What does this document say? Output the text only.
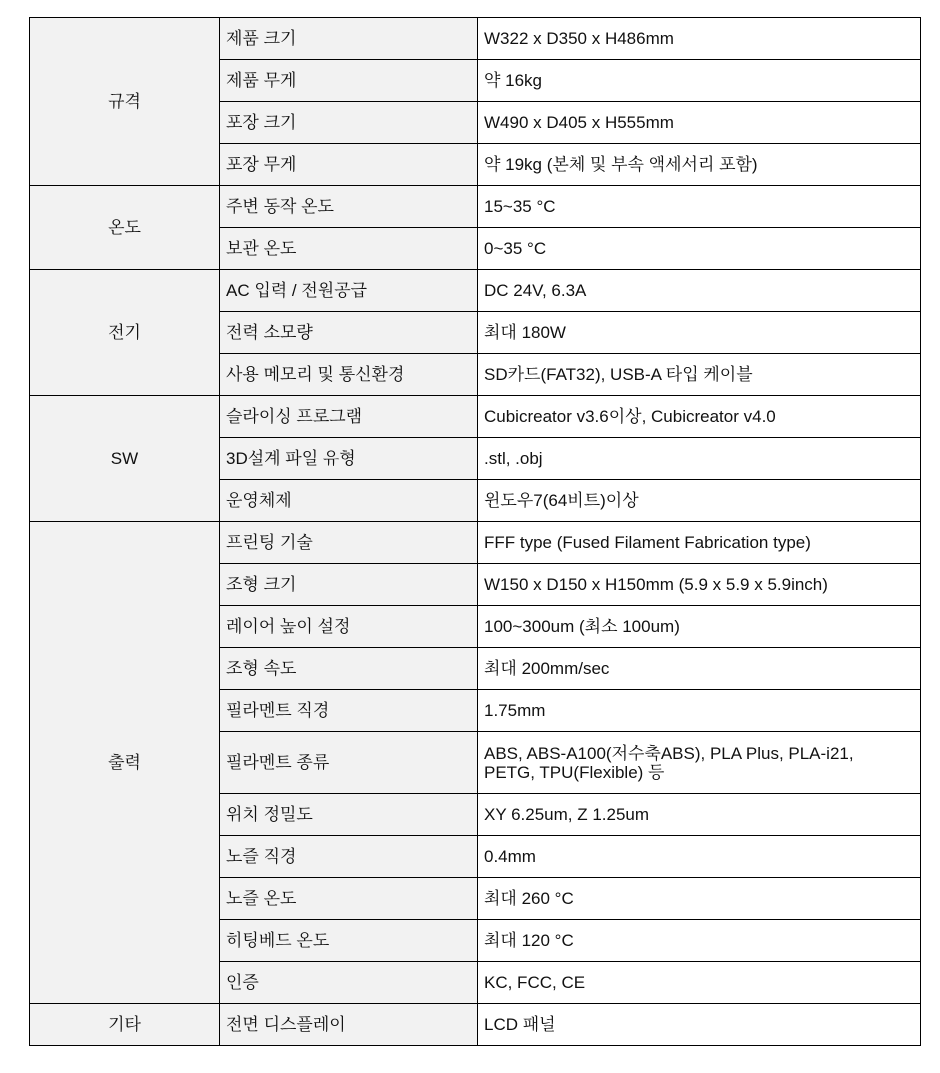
규격	제품 크기	W322 x D350 x H486mm
	제품 무게	약 16kg
	포장 크기	W490 x D405 x H555mm
	포장 무게	약 19kg (본체 및 부속 액세서리 포함)
온도	주변 동작 온도	15~35 °C
	보관 온도	0~35 °C
전기	AC 입력 / 전원공급	DC 24V, 6.3A
	전력 소모량	최대 180W
	사용 메모리 및 통신환경	SD카드(FAT32), USB-A 타입 케이블
SW	슬라이싱 프로그램	Cubicreator v3.6이상, Cubicreator v4.0
	3D설계 파일 유형	.stl, .obj
	운영체제	윈도우7(64비트)이상
출력	프린팅 기술	FFF type (Fused Filament Fabrication type)
	조형 크기	W150 x D150 x H150mm (5.9 x 5.9 x 5.9inch)
	레이어 높이 설정	100~300um (최소 100um)
	조형 속도	최대 200mm/sec
	필라멘트 직경	1.75mm
	필라멘트 종류	ABS, ABS-A100(저수축ABS), PLA Plus, PLA-i21,
PETG, TPU(Flexible) 등

	위치 정밀도	XY 6.25um, Z 1.25um
	노즐 직경	0.4mm
	노즐 온도	최대 260 °C
	히팅베드 온도	최대 120 °C
	인증	KC, FCC, CE
기타	전면 디스플레이	LCD 패널
